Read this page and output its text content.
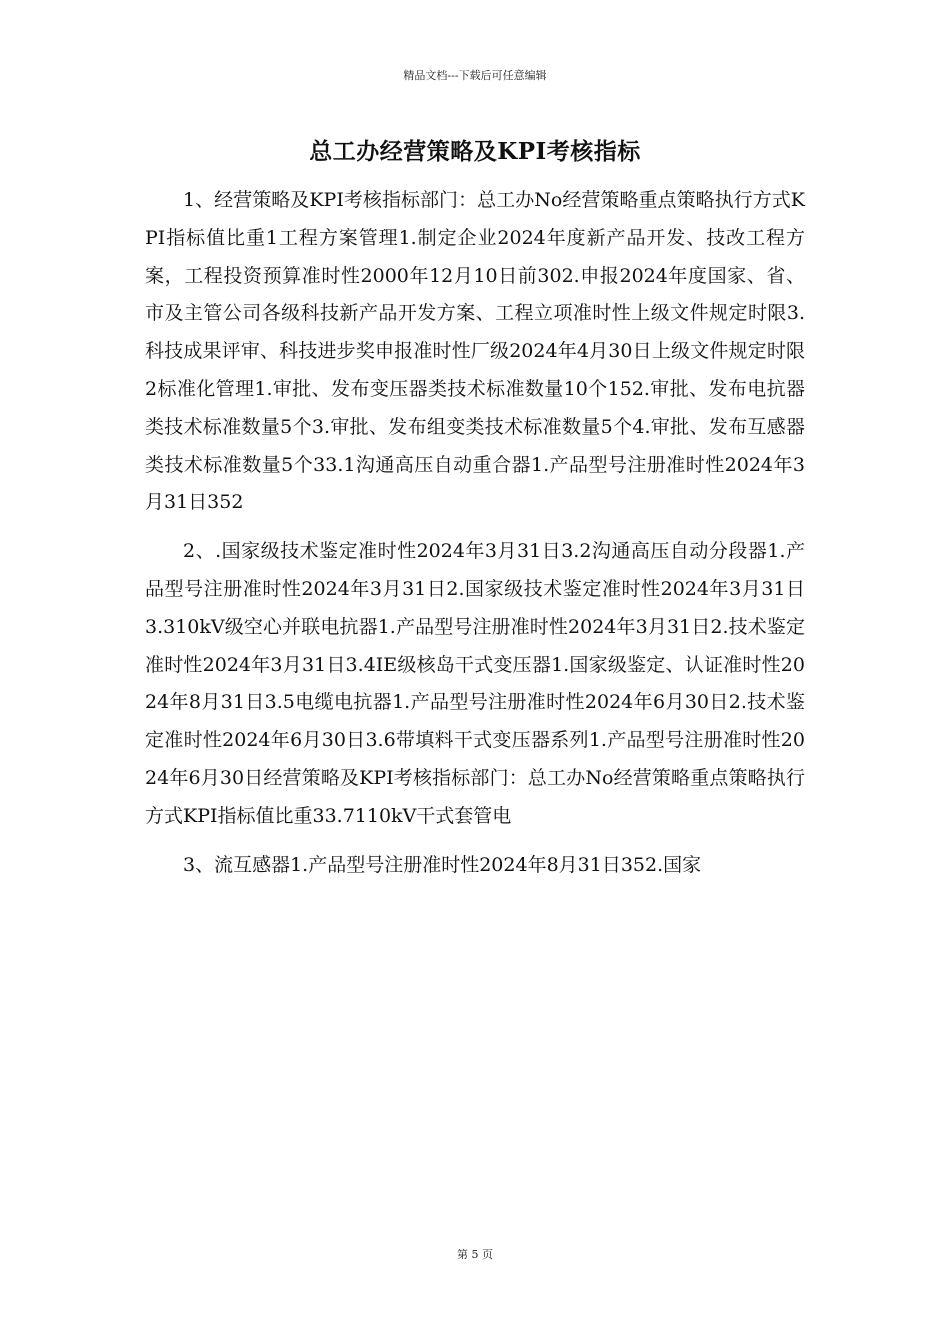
精品文档---下载后可任意编辑
总工办经营策略及KPI考核指标

1、经营策略及KPI考核指标部门：总工办No经营策略重点策略执行方式KPI指标值比重1工程方案管理1.制定企业2024年度新产品开发、技改工程方案，工程投资预算准时性2000年12月10日前302.申报2024年度国家、省、市及主管公司各级科技新产品开发方案、工程立项准时性上级文件规定时限3.科技成果评审、科技进步奖申报准时性厂级2024年4月30日上级文件规定时限2标准化管理1.审批、发布变压器类技术标准数量10个152.审批、发布电抗器类技术标准数量5个3.审批、发布组变类技术标准数量5个4.审批、发布互感器类技术标准数量5个33.1沟通高压自动重合器1.产品型号注册准时性2024年3月31日352

2、.国家级技术鉴定准时性2024年3月31日3.2沟通高压自动分段器1.产品型号注册准时性2024年3月31日2.国家级技术鉴定准时性2024年3月31日3.310kV级空心并联电抗器1.产品型号注册准时性2024年3月31日2.技术鉴定准时性2024年3月31日3.4IE级核岛干式变压器1.国家级鉴定、认证准时性2024年8月31日3.5电缆电抗器1.产品型号注册准时性2024年6月30日2.技术鉴定准时性2024年6月30日3.6带填料干式变压器系列1.产品型号注册准时性2024年6月30日经营策略及KPI考核指标部门：总工办No经营策略重点策略执行方式KPI指标值比重33.7110kV干式套管电

3、流互感器1.产品型号注册准时性2024年8月31日352.国家

第 5 页
